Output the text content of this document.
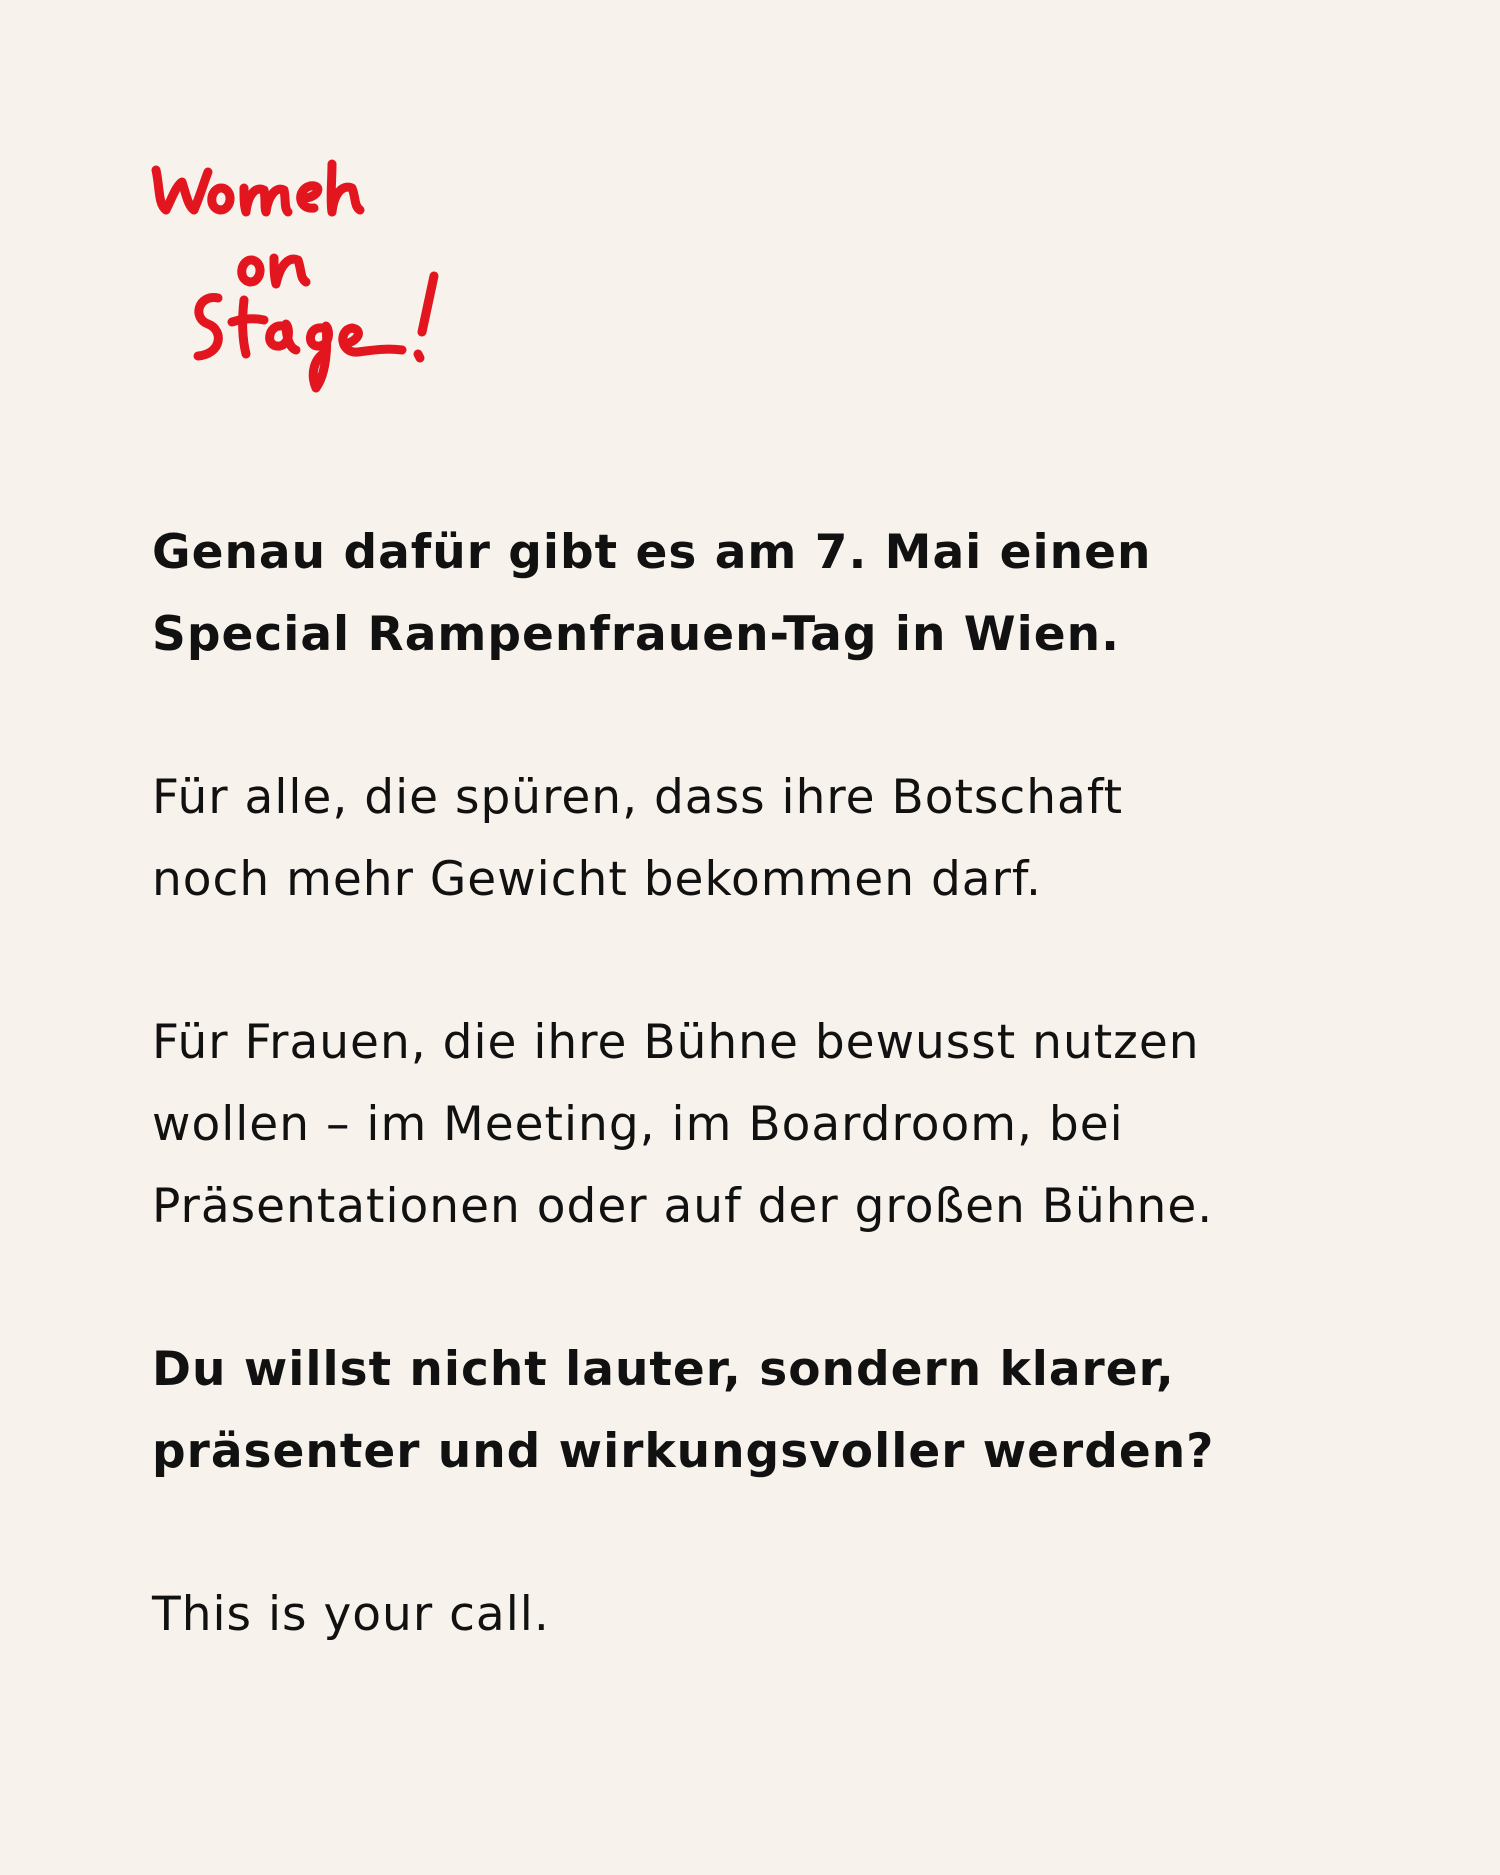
Genau dafür gibt es am 7. Mai einen
Special Rampenfrauen-Tag in Wien.

Für alle, die spüren, dass ihre Botschaft
noch mehr Gewicht bekommen darf.

Für Frauen, die ihre Bühne bewusst nutzen
wollen – im Meeting, im Boardroom, bei
Präsentationen oder auf der großen Bühne.

Du willst nicht lauter, sondern klarer,
präsenter und wirkungsvoller werden?

This is your call.
